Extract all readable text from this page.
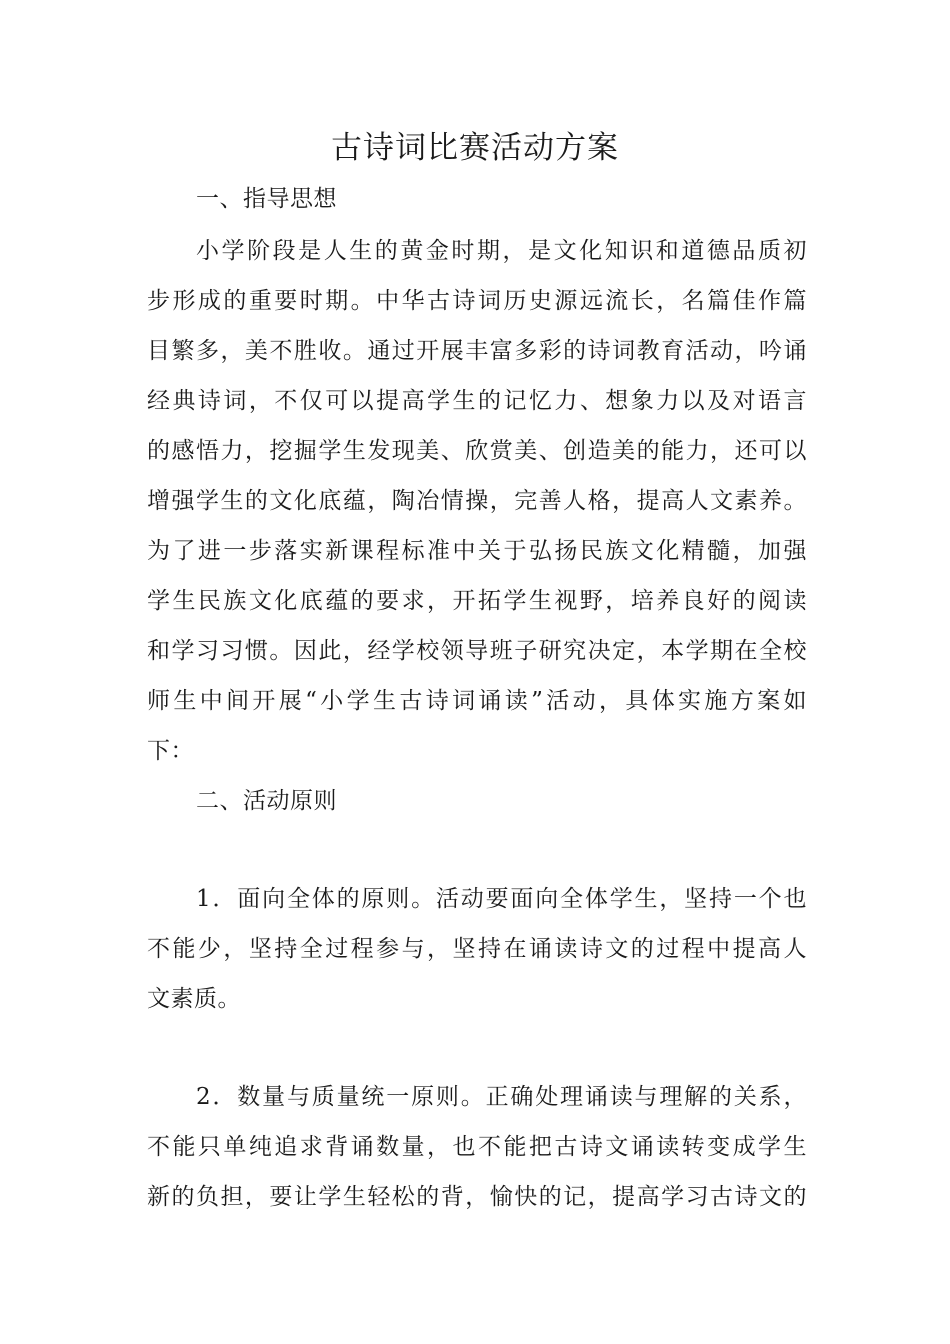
古诗词比赛活动方案
一、指导思想
小学阶段是人生的黄金时期，是文化知识和道德品质初
步形成的重要时期。中华古诗词历史源远流长，名篇佳作篇
目繁多，美不胜收。通过开展丰富多彩的诗词教育活动，吟诵
经典诗词，不仅可以提高学生的记忆力、想象力以及对语言
的感悟力，挖掘学生发现美、欣赏美、创造美的能力，还可以
增强学生的文化底蕴，陶冶情操，完善人格，提高人文素养。
为了进一步落实新课程标准中关于弘扬民族文化精髓，加强
学生民族文化底蕴的要求，开拓学生视野，培养良好的阅读
和学习习惯。因此，经学校领导班子研究决定，本学期在全校
师生中间开展“小学生古诗词诵读”活动，具体实施方案如
下：
二、活动原则
1．面向全体的原则。活动要面向全体学生，坚持一个也
不能少，坚持全过程参与，坚持在诵读诗文的过程中提高人
文素质。
2．数量与质量统一原则。正确处理诵读与理解的关系，
不能只单纯追求背诵数量，也不能把古诗文诵读转变成学生
新的负担，要让学生轻松的背，愉快的记，提高学习古诗文的
